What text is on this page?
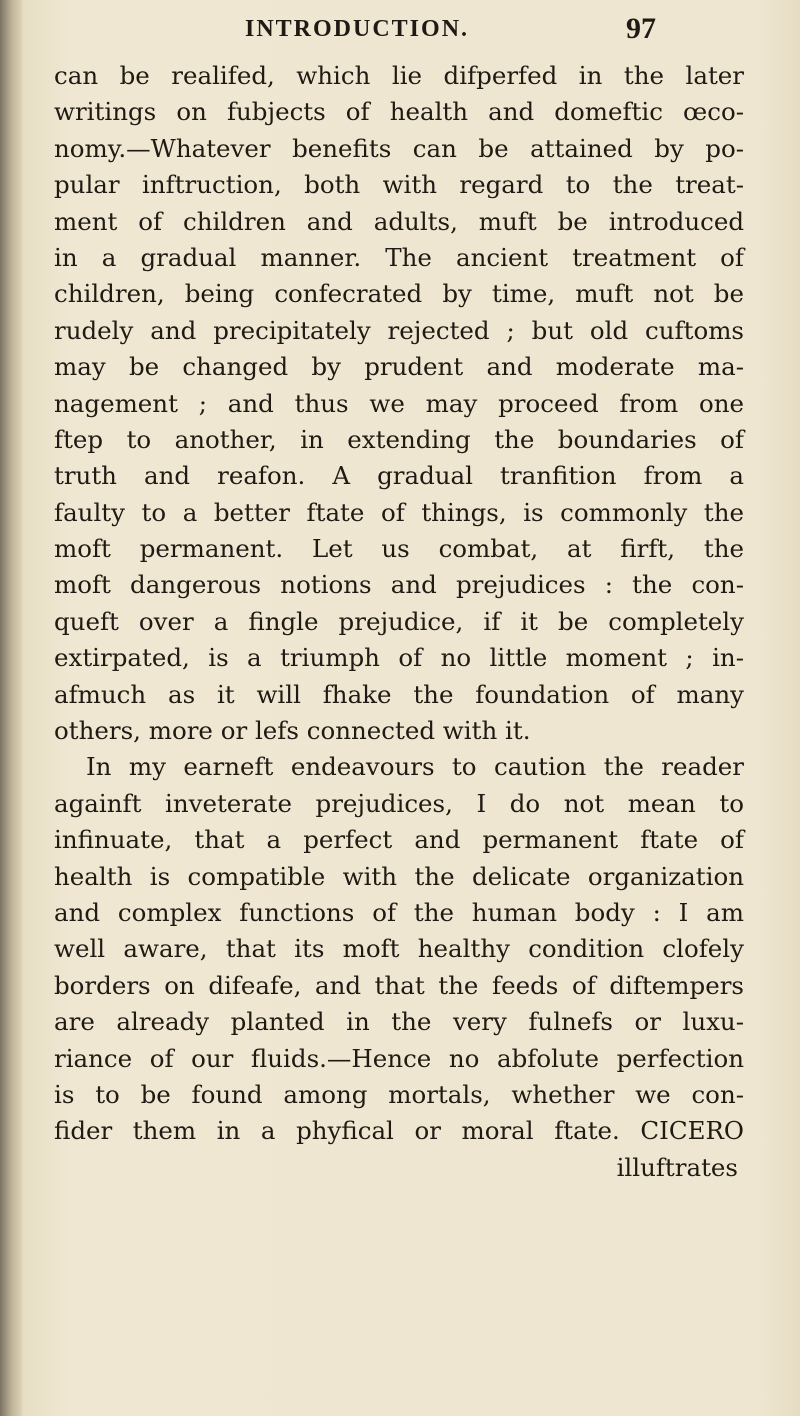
INTRODUCTION.	97
can be realifed, which lie difperfed in the later
writings on fubjects of health and domeftic œco-
nomy.—Whatever benefits can be attained by po-
pular inftruction, both with regard to the treat-
ment of children and adults, muft be introduced
in a gradual manner. The ancient treatment of
children, being confecrated by time, muft not be
rudely and precipitately rejected ; but old cuftoms
may be changed by prudent and moderate ma-
nagement ; and thus we may proceed from one
ftep to another, in extending the boundaries of
truth and reafon. A gradual tranfition from a
faulty to a better ftate of things, is commonly the
moft permanent. Let us combat, at firft, the
moft dangerous notions and prejudices : the con-
queft over a fingle prejudice, if it be completely
extirpated, is a triumph of no little moment ; in-
afmuch as it will fhake the foundation of many
others, more or lefs connected with it.
In my earneft endeavours to caution the reader
againft inveterate prejudices, I do not mean to
infinuate, that a perfect and permanent ftate of
health is compatible with the delicate organization
and complex functions of the human body : I am
well aware, that its moft healthy condition clofely
borders on difeafe, and that the feeds of diftempers
are already planted in the very fulnefs or luxu-
riance of our fluids.—Hence no abfolute perfection
is to be found among mortals, whether we con-
fider them in a phyfical or moral ftate. CICERO
illuftrates
